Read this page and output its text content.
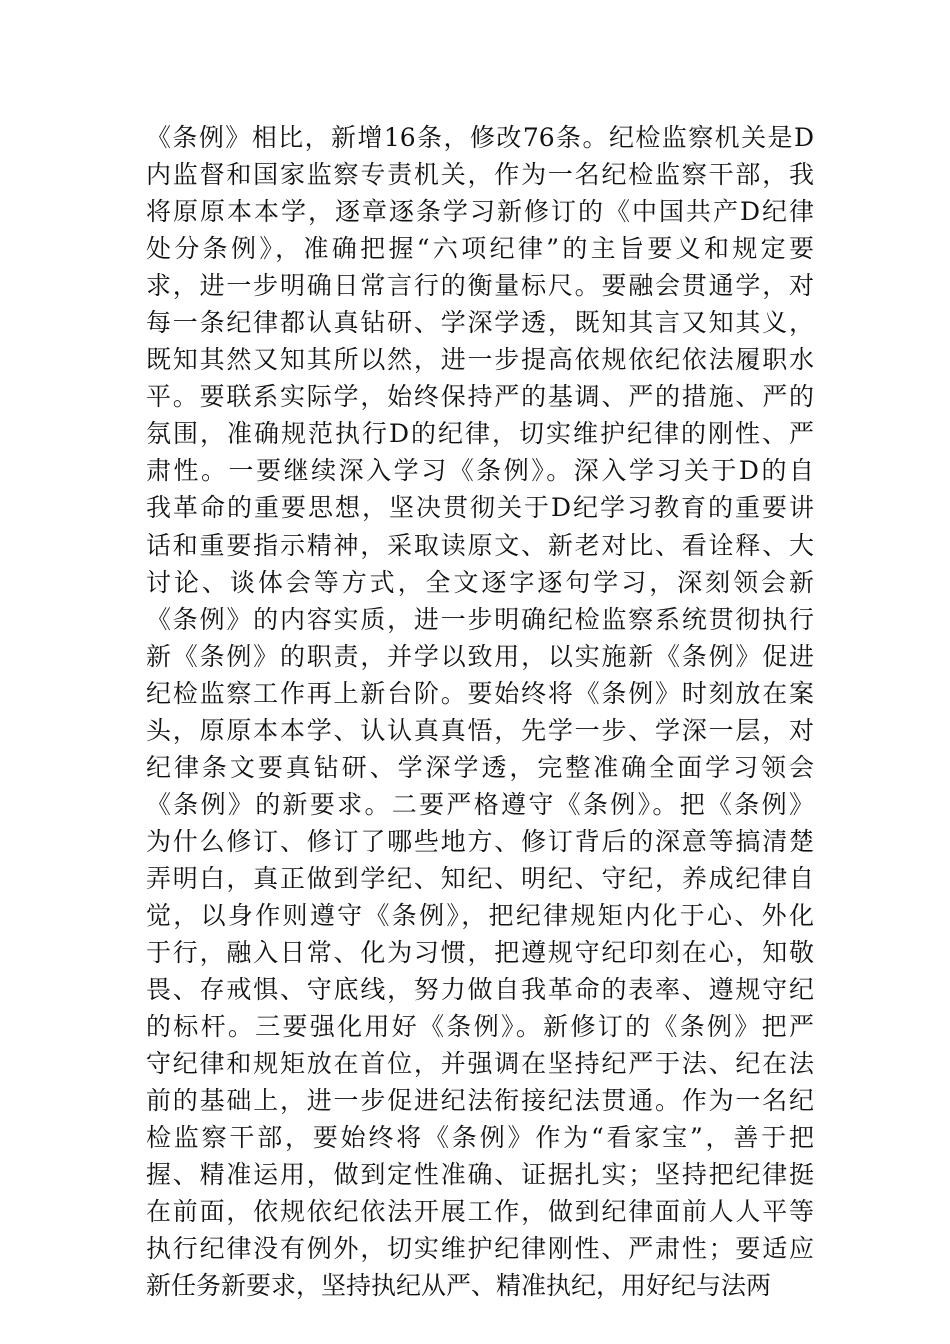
《条例》相比，新增16条，修改76条。纪检监察机关是D
内监督和国家监察专责机关，作为一名纪检监察干部，我
将原原本本学，逐章逐条学习新修订的《中国共产D纪律
处分条例》，准确把握“六项纪律”的主旨要义和规定要
求，进一步明确日常言行的衡量标尺。要融会贯通学，对
每一条纪律都认真钻研、学深学透，既知其言又知其义，
既知其然又知其所以然，进一步提高依规依纪依法履职水
平。要联系实际学，始终保持严的基调、严的措施、严的
氛围，准确规范执行D的纪律，切实维护纪律的刚性、严
肃性。一要继续深入学习《条例》。深入学习关于D的自
我革命的重要思想，坚决贯彻关于D纪学习教育的重要讲
话和重要指示精神，采取读原文、新老对比、看诠释、大
讨论、谈体会等方式，全文逐字逐句学习，深刻领会新
《条例》的内容实质，进一步明确纪检监察系统贯彻执行
新《条例》的职责，并学以致用，以实施新《条例》促进
纪检监察工作再上新台阶。要始终将《条例》时刻放在案
头，原原本本学、认认真真悟，先学一步、学深一层，对
纪律条文要真钻研、学深学透，完整准确全面学习领会
《条例》的新要求。二要严格遵守《条例》。把《条例》
为什么修订、修订了哪些地方、修订背后的深意等搞清楚
弄明白，真正做到学纪、知纪、明纪、守纪，养成纪律自
觉，以身作则遵守《条例》，把纪律规矩内化于心、外化
于行，融入日常、化为习惯，把遵规守纪印刻在心，知敬
畏、存戒惧、守底线，努力做自我革命的表率、遵规守纪
的标杆。三要强化用好《条例》。新修订的《条例》把严
守纪律和规矩放在首位，并强调在坚持纪严于法、纪在法
前的基础上，进一步促进纪法衔接纪法贯通。作为一名纪
检监察干部，要始终将《条例》作为“看家宝”，善于把
握、精准运用，做到定性准确、证据扎实；坚持把纪律挺
在前面，依规依纪依法开展工作，做到纪律面前人人平等
执行纪律没有例外，切实维护纪律刚性、严肃性；要适应
新任务新要求，坚持执纪从严、精准执纪，用好纪与法两
